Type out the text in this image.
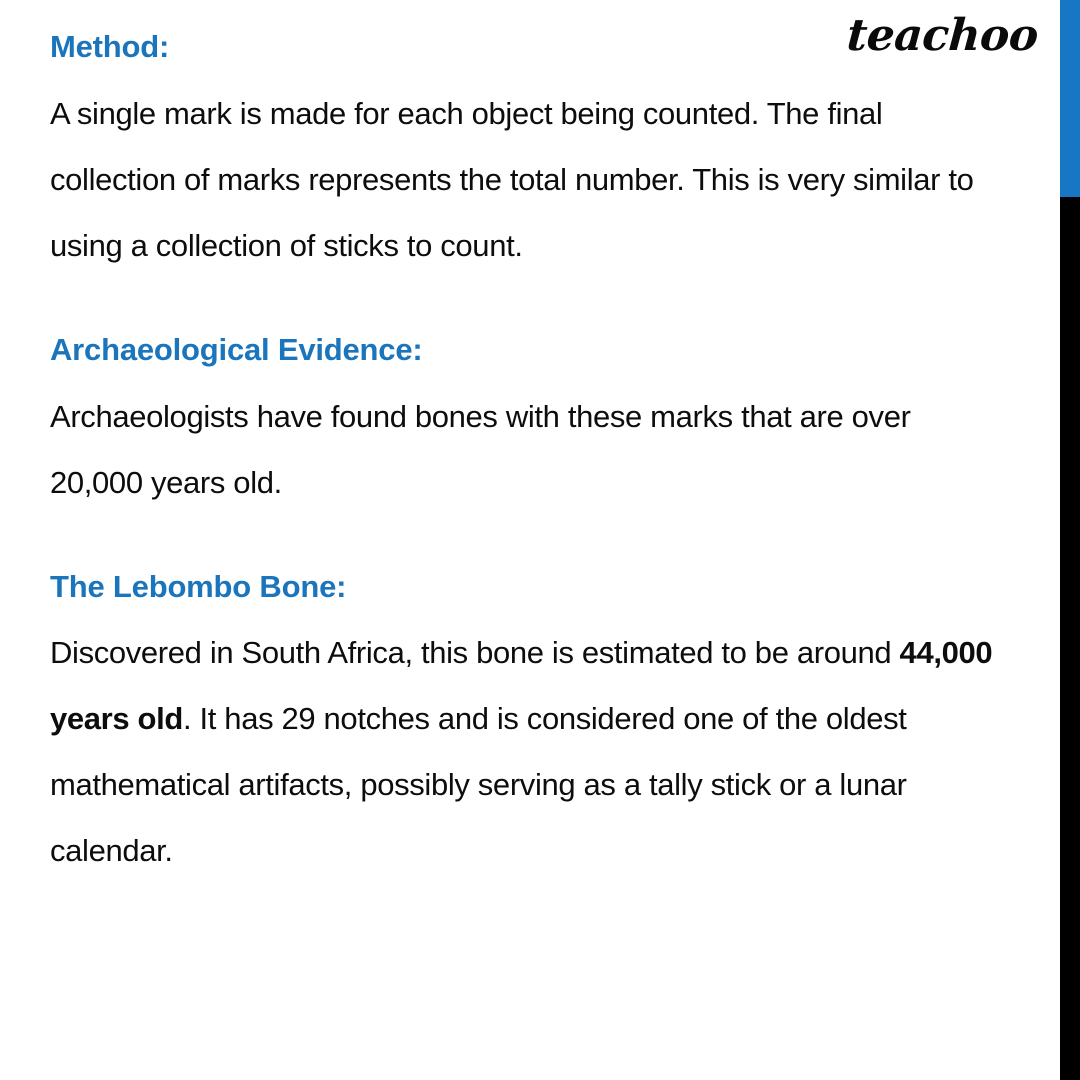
teachoo
Method:

A single mark is made for each object being counted. The final collection of marks represents the total number. This is very similar to using a collection of sticks to count.

Archaeological Evidence:

Archaeologists have found bones with these marks that are over 20,000 years old.

The Lebombo Bone:

Discovered in South Africa, this bone is estimated to be around 44,000 years old. It has 29 notches and is considered one of the oldest mathematical artifacts, possibly serving as a tally stick or a lunar calendar.
